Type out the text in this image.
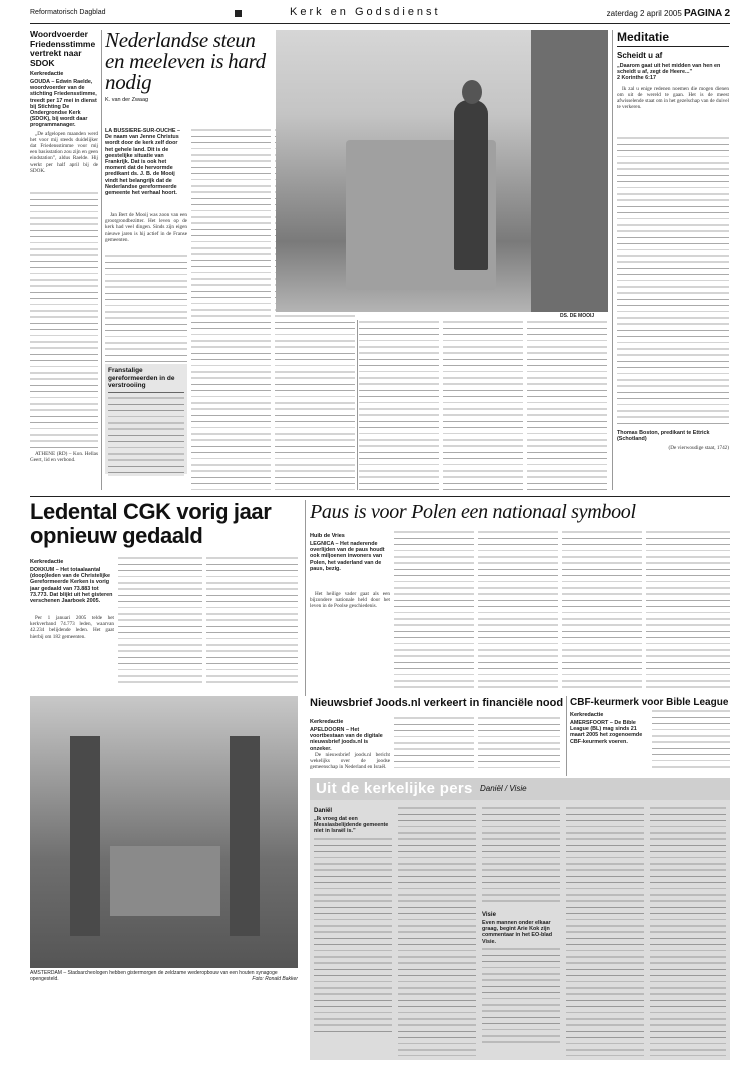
Reformatorisch Dagblad	Kerk en Godsdienst	zaterdag 2 april 2005 PAGINA 2
Woordvoerder Friedensstimme vertrekt naar SDOK
Kerkredactie
GOUDA – Edwin Raelde, woordvoerder van de stichting Friedensstimme, treedt per 17 mei in dienst bij Stichting De Ondergrondse Kerk (SDOK), bij wordt daar programmanager.

„De afgelopen maanden werd het voor mij steeds duidelijker dat Friedensstimme voor mij een basisstation zou zijn en geen eindstation”, aldus Raelde. Hij werkt per half april bij de SDOK.

ATHENE (RD) – Kon. Hellas Geert, lid en verbond.

Nederlandse steun en meeleven is hard nodig
K. van der Zwaag
LA BUSSIERE-SUR-OUCHE – De naam van Jenne Christus wordt door de kerk zelf door het gehele land. Dit is de geestelijke situatie van Frankrijk. Dat is ook het moment dat de hervormde predikant ds. J. B. de Mooij vindt het belangrijk dat de Nederlandse gereformeerde gemeente het verhaal hoort.

Jan Bert de Mooij was zoon van een grootgrondbezitter. Het leven op de kerk had veel dingen. Sinds zijn eigen nieuwe jaren is hij actief in de Franse gemeenten.

Franstalige gereformeerden in de verstrooiing
DS. DE MOOIJ
Meditatie
Scheidt u af
„Daarom gaat uit het midden van hen en scheidt u af, zegt de Heere...”
2 Korinthe 6:17

Ik zal u enige redenen noemen die mogen dienen om uit de wereld te gaan. Het is de meest afwisselende staat om in het gezelschap van de duivel te verkeren.

Thomas Boston, predikant te Ettrick (Schotland)
(De vierwoudige staat, 1742)
Ledental CGK vorig jaar opnieuw gedaald
Kerkredactie
DOKKUM – Het totaalaantal (doop)leden van de Christelijke Gereformeerde Kerken is vorig jaar gedaald van 73.883 tot 73.773. Dat blijkt uit het gisteren verschenen Jaarboek 2005.

Per 1 januari 2005 telde het kerkverband 74.773 leden, waarvan 42.234 belijdende leden. Het gaat hierbij om 182 gemeenten.

Paus is voor Polen een nationaal symbool
Huib de Vries
LEGNICA – Het naderende overlijden van de paus houdt ook miljoenen inwoners van Polen, het vaderland van de paus, bezig.

Het heilige vader gaat als een bijzondere nationale held door het leven in de Poolse geschiedenis.

AMSTERDAM – Stadsarcheologen hebben gistermorgen de zeldzame wederopbouw van een houten synagoge opengesteld.	Foto: Ronald Bakker
Nieuwsbrief Joods.nl verkeert in financiële nood
Kerkredactie
APELDOORN – Het voortbestaan van de digitale nieuwsbrief joods.nl is onzeker.

De nieuwsbrief joods.nl bericht wekelijks over de joodse gemeenschap in Nederland en Israël.

CBF-keurmerk voor Bible League
Kerkredactie
AMERSFOORT – De Bible League (BL) mag sinds 21 maart 2005 het zogenoemde CBF-keurmerk voeren.
Uit de kerkelijke pers Daniël / Visie
Daniël
„Ik vroeg dat een Messiasbelijdende gemeente niet in Israël is.”
Visie
Even mannen onder elkaar graag, begint Arie Kok zijn commentaar in het EO-blad Visie.
